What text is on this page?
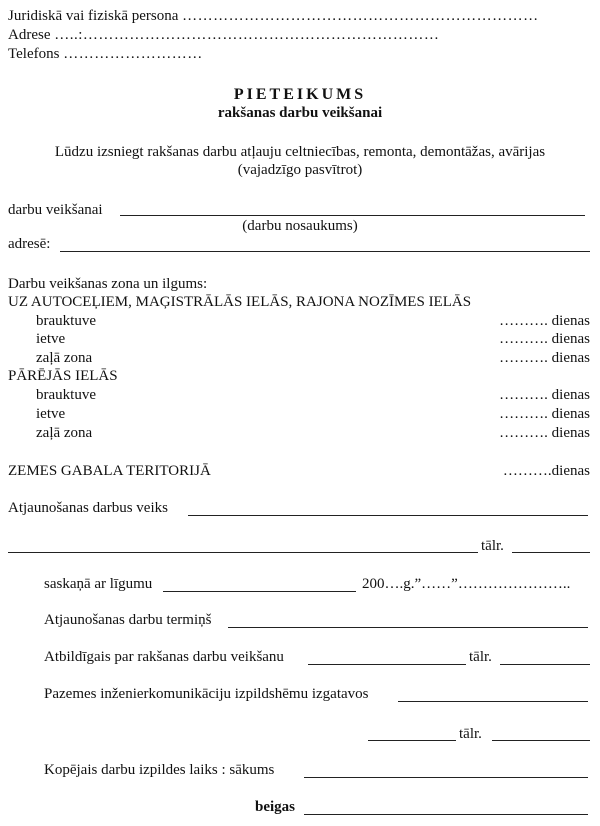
Juridiskā vai fiziskā persona ……………………………………………………………
Adrese …..:……………………………………………………………
Telefons ………………………
PIETEIKUMS
rakšanas darbu veikšanai
Lūdzu izsniegt rakšanas darbu atļauju celtniecības, remonta, demontāžas, avārijas
(vajadzīgo pasvītrot)
darbu veikšanai
(darbu nosaukums)
adresē:
Darbu veikšanas zona un ilgums:
UZ AUTOCEĻIEM, MAĢISTRĀLĀS IELĀS, RAJONA NOZĪMES IELĀS
brauktuve	………. dienas
ietve	………. dienas
zaļā zona	………. dienas
PĀRĒJĀS IELĀS
brauktuve	………. dienas
ietve	………. dienas
zaļā zona	………. dienas
ZEMES GABALA TERITORIJĀ	……….dienas
Atjaunošanas darbus veiks
tālr.
saskaņā ar līgumu	200….g.”……”…………………..
Atjaunošanas darbu termiņš
Atbildīgais par rakšanas darbu veikšanu	tālr.
Pazemes inženierkomunikāciju izpildshēmu izgatavos
tālr.
Kopējais darbu izpildes laiks : sākums
beigas
